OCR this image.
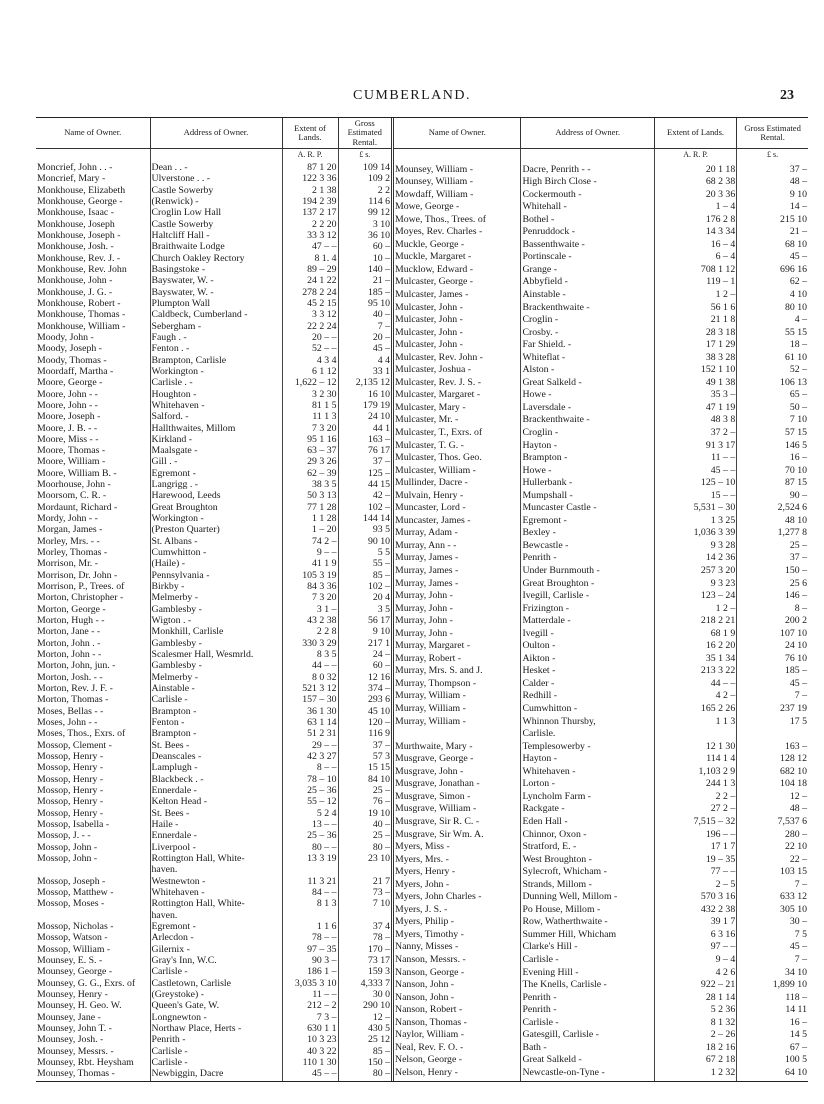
CUMBERLAND.	23
Name of Owner.	Address of Owner.	Extent of Lands.	Gross Estimated Rental.
		A. R. P.	£ s.
Moncrief, John . . -	Dean . . -	87 1 20	109 14
Moncrief, Mary -	Ulverstone . . -	122 3 36	109 2
Monkhouse, Elizabeth	Castle Sowerby	2 1 38	2 2
Monkhouse, George -	(Renwick) -	194 2 39	114 6
Monkhouse, Isaac -	Croglin Low Hall	137 2 17	99 12
Monkhouse, Joseph	Castle Sowerby	2 2 20	3 10
Monkhouse, Joseph -	Haltcliff Hall -	33 3 12	36 10
Monkhouse, Josh. -	Braithwaite Lodge	47 – –	60 –
Monkhouse, Rev. J. -	Church Oakley Rectory	8 1. 4	10 –
Monkhouse, Rev. John	Basingstoke -	89 – 29	140 –
Monkhouse, John -	Bayswater, W. -	24 1 22	21 –
Monkhouse, J. G. -	Bayswater, W. -	278 2 24	185 –
Monkhouse, Robert -	Plumpton Wall	45 2 15	95 10
Monkhouse, Thomas -	Caldbeck, Cumberland -	3 3 12	40 –
Monkhouse, William -	Sebergham -	22 2 24	7 –
Moody, John -	Faugh . -	20 – –	20 –
Moody, Joseph -	Fenton . -	52 – –	45 –
Moody, Thomas -	Brampton, Carlisle	4 3 4	4 4
Moordaff, Martha -	Workington -	6 1 12	33 1
Moore, George -	Carlisle . -	1,622 – 12	2,135 12
Moore, John - -	Houghton -	3 2 30	16 10
Moore, John - -	Whitehaven -	81 1 5	179 19
Moore, Joseph -	Salford. -	11 1 3	24 10
Moore, J. B. - -	Hallthwaites, Millom	7 3 20	44 1
Moore, Miss - -	Kirkland -	95 1 16	163 –
Moore, Thomas -	Maalsgate -	63 – 37	76 17
Moore, William -	Gill . -	29 3 26	37 –
Moore, William B. -	Egremont -	62 – 39	125 –
Moorhouse, John -	Langrigg . -	38 3 5	44 15
Moorsom, C. R. -	Harewood, Leeds	50 3 13	42 –
Mordaunt, Richard -	Great Broughton	77 1 28	102 –
Mordy, John - -	Workington -	1 1 28	144 14
Morgan, James -	(Preston Quarter)	1 – 20	93 5
Morley, Mrs. - -	St. Albans -	74 2 –	90 10
Morley, Thomas -	Cumwhitton -	9 – –	5 5
Morrison, Mr. -	(Haile) -	41 1 9	55 –
Morrison, Dr. John -	Pennsylvania -	105 3 19	85 –
Morrison, P., Trees. of	Birkby -	84 3 36	102 –
Morton, Christopher -	Melmerby -	7 3 20	20 4
Morton, George -	Gamblesby -	3 1 –	3 5
Morton, Hugh - -	Wigton . -	43 2 38	56 17
Morton, Jane - -	Monkhill, Carlisle	2 2 8	9 10
Morton, John . -	Gamblesby -	330 3 29	217 1
Morton, John - -	Scalesmer Hall, Wesmrld.	8 3 5	24 –
Morton, John, jun. -	Gamblesby -	44 – –	60 –
Morton, Josh. - -	Melmerby -	8 0 32	12 16
Morton, Rev. J. F. -	Ainstable -	521 3 12	374 –
Morton, Thomas -	Carlisle -	157 – 30	293 6
Moses, Bellas - -	Brampton -	36 1 30	45 10
Moses, John - -	Fenton -	63 1 14	120 –
Moses, Thos., Exrs. of	Brampton -	51 2 31	116 9
Mossop, Clement -	St. Bees -	29 – –	37 –
Mossop, Henry -	Deanscales -	42 3 27	57 3
Mossop, Henry -	Lamplugh -	8 – –	15 15
Mossop, Henry -	Blackbeck . -	78 – 10	84 10
Mossop, Henry -	Ennerdale -	25 – 36	25 –
Mossop, Henry -	Kelton Head -	55 – 12	76 –
Mossop, Henry -	St. Bees -	5 2 4	19 10
Mossop, Isabella -	Haile -	13 – –	40 –
Mossop, J. - -	Ennerdale -	25 – 36	25 –
Mossop, John -	Liverpool -	80 – –	80 –
Mossop, John -	Rottington Hall, White-	13 3 19	23 10
	haven.		
Mossop, Joseph -	Westnewton -	11 3 21	21 7
Mossop, Matthew -	Whitehaven -	84 – –	73 –
Mossop, Moses -	Rottington Hall, White-	8 1 3	7 10
	haven.		
Mossop, Nicholas -	Egremont -	1 1 6	37 4
Mossop, Watson -	Arlecdon -	78 – –	78 –
Mossop, William -	Gilernix -	97 – 35	170 –
Mounsey, E. S. -	Gray's Inn, W.C.	90 3 –	73 17
Mounsey, George -	Carlisle -	186 1 –	159 3
Mounsey, G. G., Exrs. of	Castletown, Carlisle	3,035 3 10	4,333 7
Mounsey, Henry -	(Greystoke) -	11 – –	30 0
Mounsey, H. Geo. W.	Queen's Gate, W.	212 – 2	290 10
Mounsey, Jane -	Longnewton -	7 3 –	12 –
Mounsey, John T. -	Northaw Place, Herts -	630 1 1	430 5
Mounsey, Josh. -	Penrith -	10 3 23	25 12
Mounsey, Messrs. -	Carlisle -	40 3 22	85 –
Mounsey, Rbt. Heysham	Carlisle -	110 1 30	150 –
Mounsey, Thomas -	Newbiggin, Dacre	45 – –	80 –

Name of Owner.	Address of Owner.	Extent of Lands.	Gross Estimated Rental.
		A. R. P.	£ s.
Mounsey, William -	Dacre, Penrith - -	20 1 18	37 –
Mounsey, William -	High Birch Close -	68 2 38	48 –
Mowdaff, William -	Cockermouth -	20 3 36	9 10
Mowe, George -	Whitehall -	1 – 4	14 –
Mowe, Thos., Trees. of	Bothel -	176 2 8	215 10
Moyes, Rev. Charles -	Penruddock -	14 3 34	21 –
Muckle, George -	Bassenthwaite -	16 – 4	68 10
Muckle, Margaret -	Portinscale -	6 – 4	45 –
Mucklow, Edward -	Grange -	708 1 12	696 16
Mulcaster, George -	Abbyfield -	119 – 1	62 –
Mulcaster, James -	Ainstable -	1 2 –	4 10
Mulcaster, John -	Brackenthwaite -	56 1 6	80 10
Mulcaster, John -	Croglin -	21 1 8	4 –
Mulcaster, John -	Crosby. -	28 3 18	55 15
Mulcaster, John -	Far Shield. -	17 1 29	18 –
Mulcaster, Rev. John -	Whiteflat -	38 3 28	61 10
Mulcaster, Joshua -	Alston -	152 1 10	52 –
Mulcaster, Rev. J. S. -	Great Salkeld -	49 1 38	106 13
Mulcaster, Margaret -	Howe -	35 3 –	65 –
Mulcaster, Mary -	Laversdale -	47 1 19	50 –
Mulcaster, Mr. -	Brackenthwaite -	48 3 8	7 10
Mulcaster, T., Exrs. of	Croglin -	37 2 –	57 15
Mulcaster, T. G. -	Hayton -	91 3 17	146 5
Mulcaster, Thos. Geo.	Brampton -	11 – –	16 –
Mulcaster, William -	Howe -	45 – –	70 10
Mullinder, Dacre -	Hullerbank -	125 – 10	87 15
Mulvain, Henry -	Mumpshall -	15 – –	90 –
Muncaster, Lord -	Muncaster Castle -	5,531 – 30	2,524 6
Muncaster, James -	Egremont -	1 3 25	48 10
Murray, Adam -	Bexley -	1,036 3 39	1,277 8
Murray, Ann - -	Bewcastle -	9 3 28	25 –
Murray, James -	Penrith -	14 2 36	37 –
Murray, James -	Under Burnmouth -	257 3 20	150 –
Murray, James -	Great Broughton -	9 3 23	25 6
Murray, John -	Ivegill, Carlisle -	123 – 24	146 –
Murray, John -	Frizington -	1 2 –	8 –
Murray, John -	Matterdale -	218 2 21	200 2
Murray, John -	Ivegill -	68 1 9	107 10
Murray, Margaret -	Oulton -	16 2 20	24 10
Murray, Robert -	Aikton -	35 1 34	76 10
Murray, Mrs. S. and J.	Hesket -	213 3 22	185 –
Murray, Thompson -	Calder -	44 – –	45 –
Murray, William -	Redhill -	4 2 –	7 –
Murray, William -	Cumwhitton -	165 2 26	237 19
Murray, William -	Whinnon Thursby,	1 1 3	17 5
	Carlisle.		
Murthwaite, Mary -	Templesowerby -	12 1 30	163 –
Musgrave, George -	Hayton -	114 1 4	128 12
Musgrave, John -	Whitehaven -	1,103 2 9	682 10
Musgrave, Jonathan -	Lorton -	244 1 3	104 18
Musgrave, Simon -	Lyncholm Farm -	2 2 –	12 –
Musgrave, William -	Rackgate -	27 2 –	48 –
Musgrave, Sir R. C. -	Eden Hall -	7,515 – 32	7,537 6
Musgrave, Sir Wm. A.	Chinnor, Oxon -	196 – –	280 –
Myers, Miss -	Stratford, E. -	17 1 7	22 10
Myers, Mrs. -	West Broughton -	19 – 35	22 –
Myers, Henry -	Sylecroft, Whicham -	77 – –	103 15
Myers, John -	Strands, Millom -	2 – 5	7 –
Myers, John Charles -	Dunning Well, Millom -	570 3 16	633 12
Myers, J. S. -	Po House, Millom -	432 2 38	305 10
Myers, Philip -	Row, Watherthwaite -	39 1 7	30 –
Myers, Timothy -	Summer Hill, Whicham	6 3 16	7 5

Nanny, Misses -	Clarke's Hill -	97 – –	45 –
Nanson, Messrs. -	Carlisle -	9 – 4	7 –
Nanson, George -	Evening Hill -	4 2 6	34 10
Nanson, John -	The Knells, Carlisle -	922 – 21	1,899 10
Nanson, John -	Penrith -	28 1 14	118 –
Nanson, Robert -	Penrith -	5 2 36	14 11
Nanson, Thomas -	Carlisle -	8 1 32	16 –
Naylor, William -	Gatesgill, Carlisle -	2 – 26	14 5
Neal, Rev. F. O. -	Bath -	18 2 16	67 –
Nelson, George -	Great Salkeld -	67 2 18	100 5
Nelson, Henry -	Newcastle-on-Tyne -	1 2 32	64 10
